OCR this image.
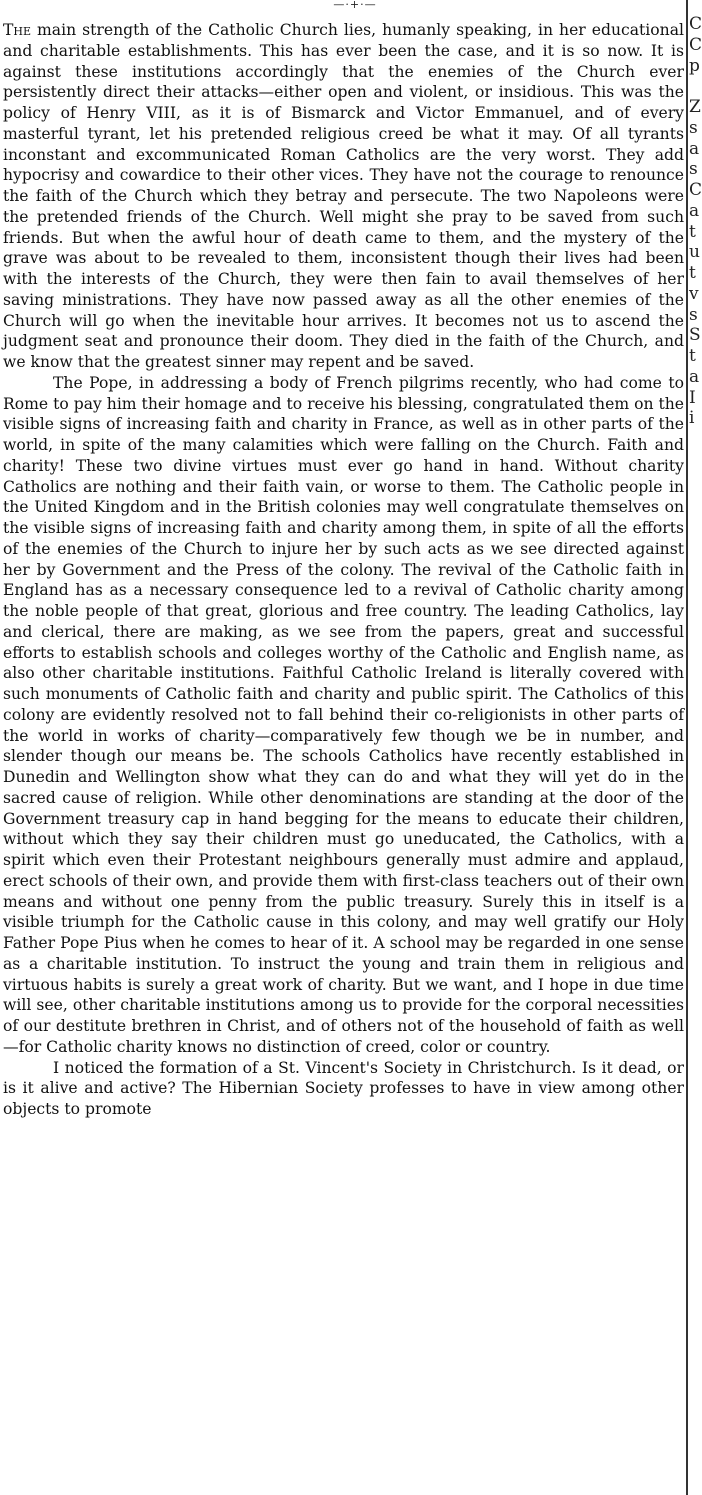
—·+·—

The main strength of the Catholic Church lies, humanly speaking, in her educational and charitable establishments. This has ever been the case, and it is so now. It is against these institutions accordingly that the enemies of the Church ever persistently direct their attacks—either open and violent, or insidious. This was the policy of Henry VIII, as it is of Bismarck and Victor Emmanuel, and of every masterful tyrant, let his pretended religious creed be what it may. Of all tyrants inconstant and excommunicated Roman Catholics are the very worst. They add hypocrisy and cowardice to their other vices. They have not the courage to renounce the faith of the Church which they betray and persecute. The two Napoleons were the pretended friends of the Church. Well might she pray to be saved from such friends. But when the awful hour of death came to them, and the mystery of the grave was about to be revealed to them, inconsistent though their lives had been with the interests of the Church, they were then fain to avail themselves of her saving ministrations. They have now passed away as all the other enemies of the Church will go when the inevitable hour arrives. It becomes not us to ascend the judgment seat and pronounce their doom. They died in the faith of the Church, and we know that the greatest sinner may repent and be saved.

The Pope, in addressing a body of French pilgrims recently, who had come to Rome to pay him their homage and to receive his blessing, congratulated them on the visible signs of increasing faith and charity in France, as well as in other parts of the world, in spite of the many calamities which were falling on the Church. Faith and charity! These two divine virtues must ever go hand in hand. Without charity Catholics are nothing and their faith vain, or worse to them. The Catholic people in the United Kingdom and in the British colonies may well congratulate themselves on the visible signs of increasing faith and charity among them, in spite of all the efforts of the enemies of the Church to injure her by such acts as we see directed against her by Government and the Press of the colony. The revival of the Catholic faith in England has as a necessary consequence led to a revival of Catholic charity among the noble people of that great, glorious and free country. The leading Catholics, lay and clerical, there are making, as we see from the papers, great and successful efforts to establish schools and colleges worthy of the Catholic and English name, as also other charitable institutions. Faithful Catholic Ireland is literally covered with such monuments of Catholic faith and charity and public spirit. The Catholics of this colony are evidently resolved not to fall behind their co-religionists in other parts of the world in works of charity—comparatively few though we be in number, and slender though our means be. The schools Catholics have recently established in Dunedin and Wellington show what they can do and what they will yet do in the sacred cause of religion. While other denominations are standing at the door of the Government treasury cap in hand begging for the means to educate their children, without which they say their children must go uneducated, the Catholics, with a spirit which even their Protestant neighbours generally must admire and applaud, erect schools of their own, and provide them with first-class teachers out of their own means and without one penny from the public treasury. Surely this in itself is a visible triumph for the Catholic cause in this colony, and may well gratify our Holy Father Pope Pius when he comes to hear of it. A school may be regarded in one sense as a charitable institution. To instruct the young and train them in religious and virtuous habits is surely a great work of charity. But we want, and I hope in due time will see, other charitable institutions among us to provide for the corporal necessities of our destitute brethren in Christ, and of others not of the household of faith as well—for Catholic charity knows no distinction of creed, color or country.

I noticed the formation of a St. Vincent's Society in Christchurch. Is it dead, or is it alive and active? The Hibernian Society professes to have in view among other objects to promote

C
C
p

Z
s
a
s
C
a
t
u
t
v
s
S
t
a
I
i
